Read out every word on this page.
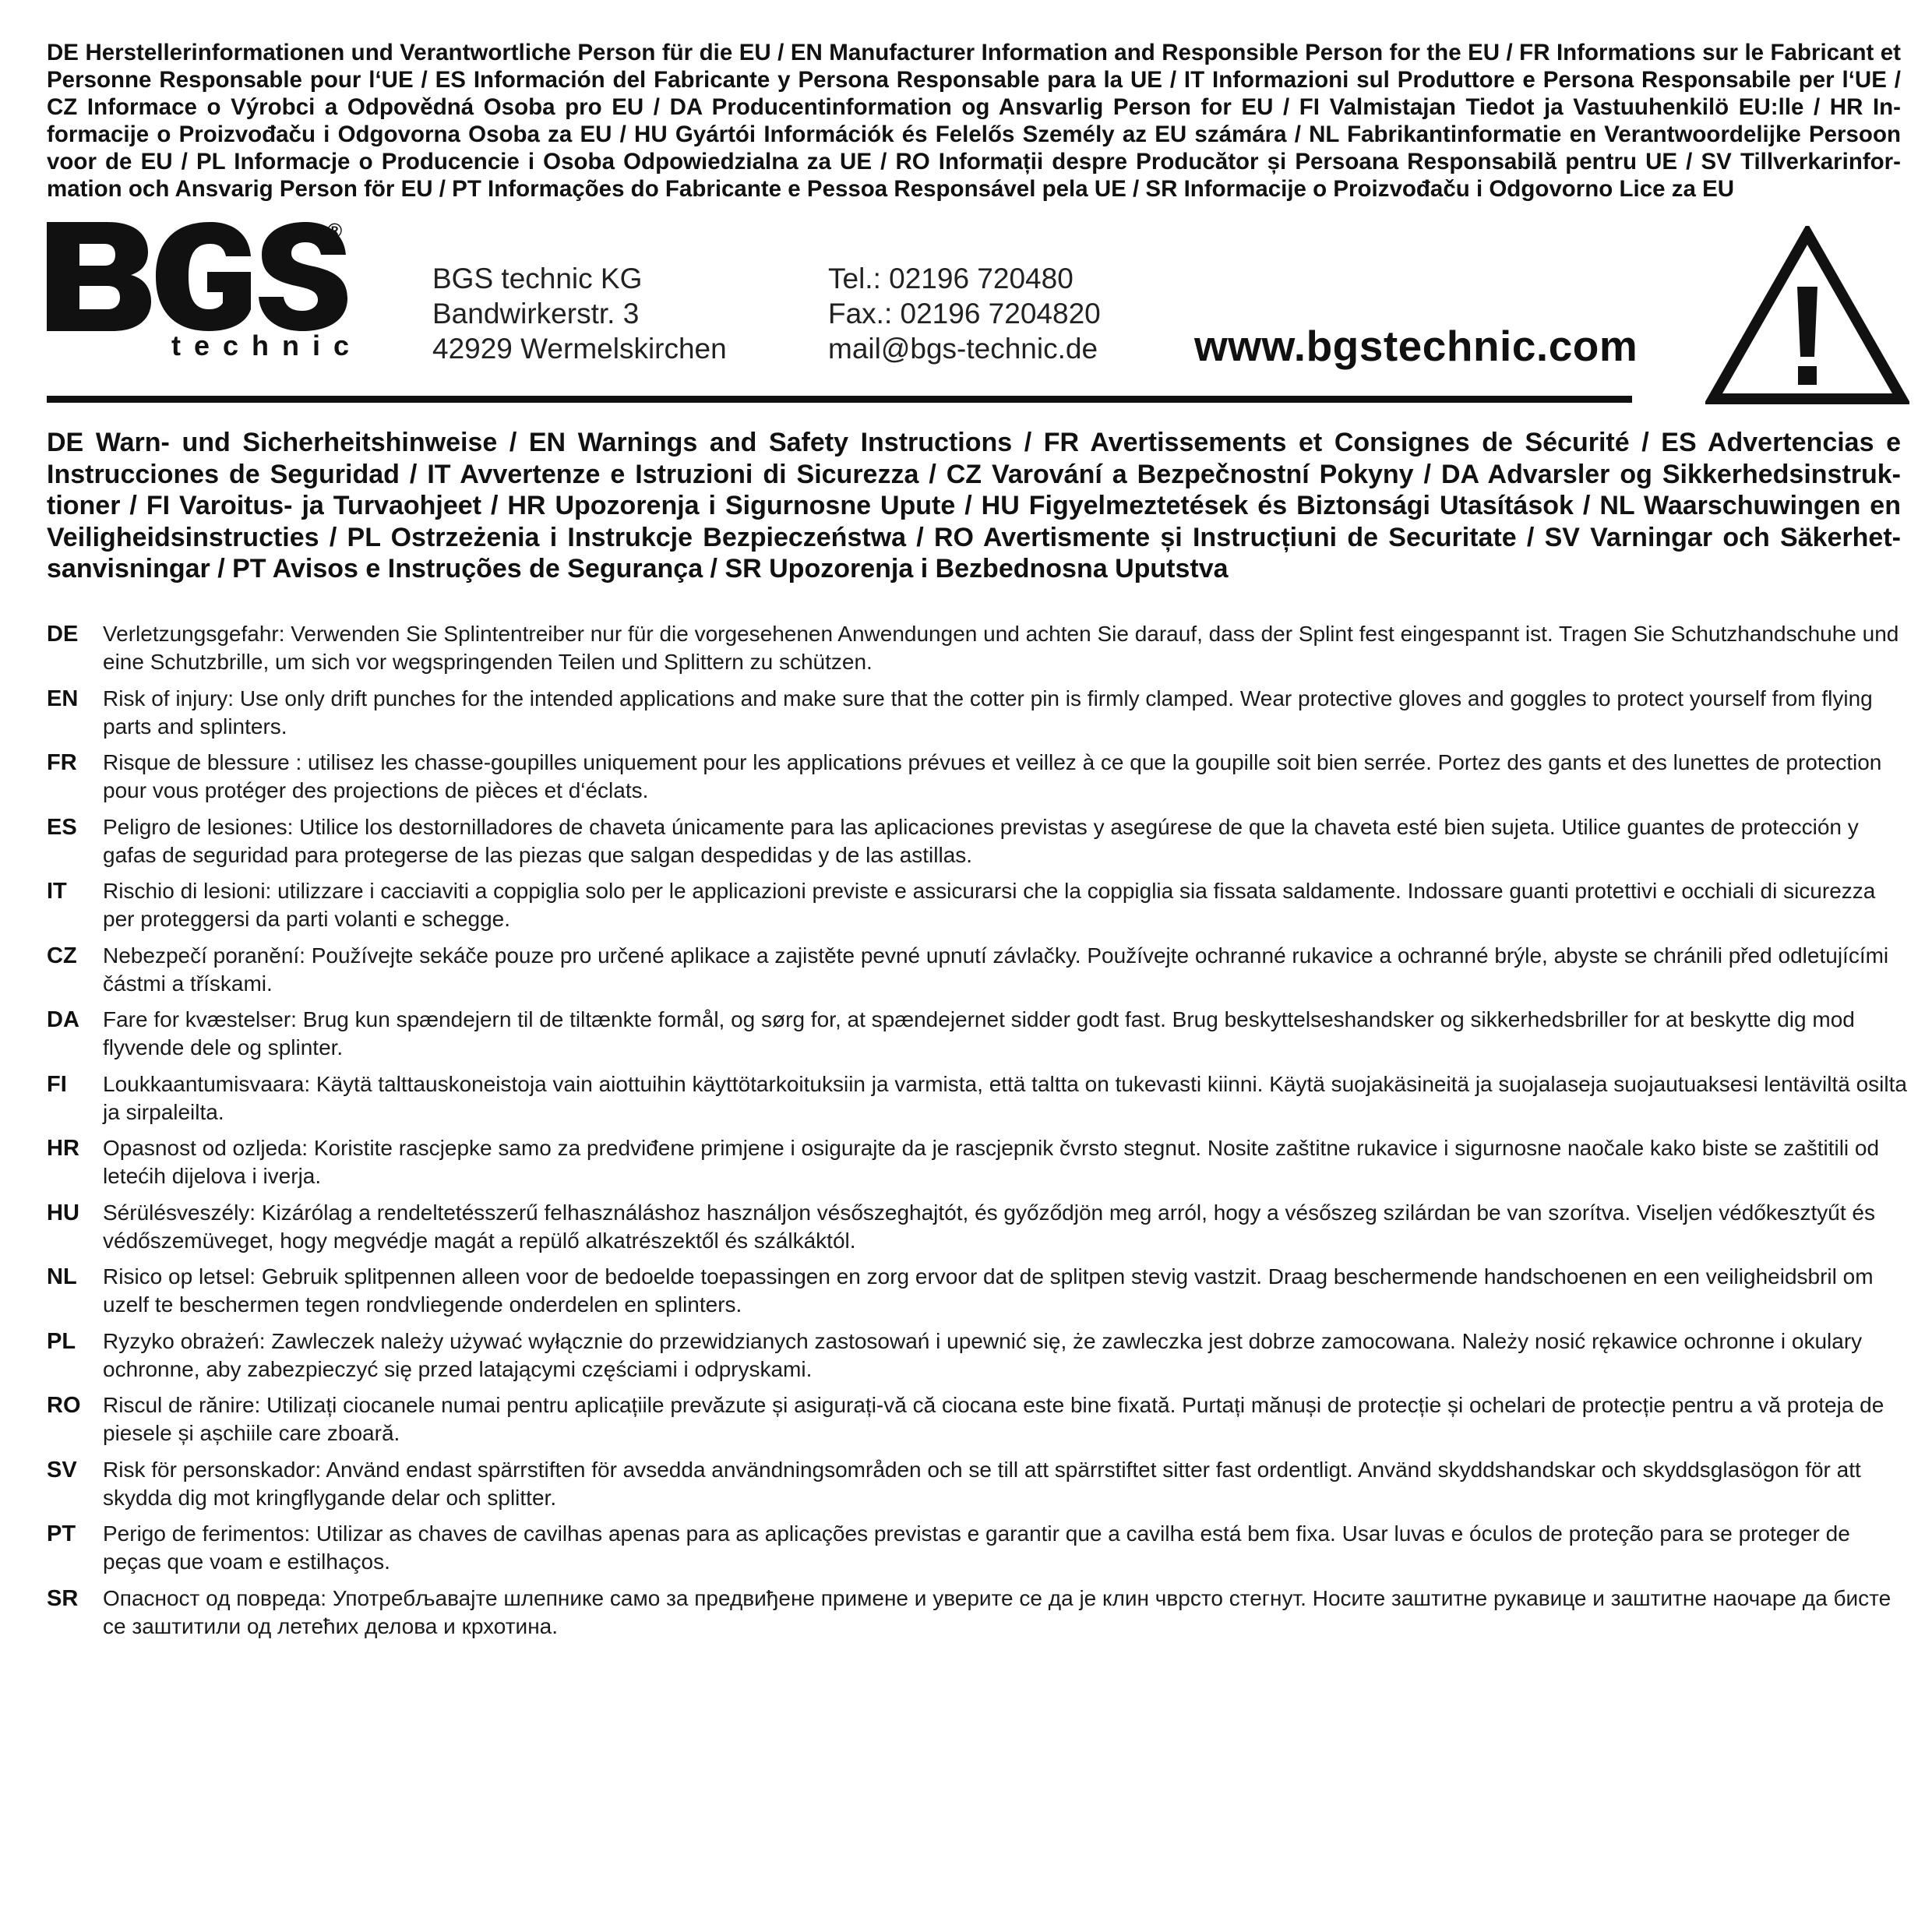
DE Herstellerinformationen und Verantwortliche Person für die EU / EN Manufacturer Information and Responsible Person for the EU / FR Informations sur le Fabricant et Personne Responsable pour l‘UE / ES Información del Fabricante y Persona Responsable para la UE / IT Informazioni sul Produttore e Persona Responsabile per l‘UE / CZ Informace o Výrobci a Odpovědná Osoba pro EU / DA Producentinformation og Ansvarlig Person for EU / FI Valmistajan Tiedot ja Vastuuhenkilö EU:lle / HR Informacije o Proizvođaču i Odgovorna Osoba za EU / HU Gyártói Információk és Felelős Személy az EU számára / NL Fabrikantinformatie en Verantwoordelijke Persoon voor de EU / PL Informacje o Producencie i Osoba Odpowiedzialna za UE / RO Informații despre Producător și Persoana Responsabilă pentru UE / SV Tillverkarinformation och Ansvarig Person för EU / PT Informações do Fabricante e Pessoa Responsável pela UE / SR Informacije o Proizvođaču i Odgovorno Lice za EU
®
technic
BGS technic KG
Bandwirkerstr. 3
42929 Wermelskirchen
Tel.: 02196 720480
Fax.: 02196 7204820
mail@bgs-technic.de www.bgstechnic.com
DE Warn- und Sicherheitshinweise / EN Warnings and Safety Instructions / FR Avertissements et Consignes de Sécurité / ES Advertencias e Instrucciones de Seguridad / IT Avvertenze e Istruzioni di Sicurezza / CZ Varování a Bezpečnostní Pokyny / DA Advarsler og Sikkerhedsinstruktioner / FI Varoitus- ja Turvaohjeet / HR Upozorenja i Sigurnosne Upute / HU Figyelmeztetések és Biztonsági Utasítások / NL Waarschuwingen en Veiligheidsinstructies / PL Ostrzeżenia i Instrukcje Bezpieczeństwa / RO Avertismente și Instrucțiuni de Securitate / SV Varningar och Säkerhetsanvisningar / PT Avisos e Instruções de Segurança / SR Upozorenja i Bezbednosna Uputstva
DE	Verletzungsgefahr: Verwenden Sie Splintentreiber nur für die vorgesehenen Anwendungen und achten Sie darauf, dass der Splint fest eingespannt ist. Tragen Sie Schutzhandschuhe und eine Schutzbrille, um sich vor wegspringenden Teilen und Splittern zu schützen.
EN	Risk of injury: Use only drift punches for the intended applications and make sure that the cotter pin is firmly clamped. Wear protective gloves and goggles to protect yourself from flying parts and splinters.
FR	Risque de blessure : utilisez les chasse-goupilles uniquement pour les applications prévues et veillez à ce que la goupille soit bien serrée. Portez des gants et des lunettes de protection pour vous protéger des projections de pièces et d‘éclats.
ES	Peligro de lesiones: Utilice los destornilladores de chaveta únicamente para las aplicaciones previstas y asegúrese de que la chaveta esté bien sujeta. Utilice guantes de protección y gafas de seguridad para protegerse de las piezas que salgan despedidas y de las astillas.
IT	Rischio di lesioni: utilizzare i cacciaviti a coppiglia solo per le applicazioni previste e assicurarsi che la coppiglia sia fissata saldamente. Indossare guanti protettivi e occhiali di sicurezza per proteggersi da parti volanti e schegge.
CZ	Nebezpečí poranění: Používejte sekáče pouze pro určené aplikace a zajistěte pevné upnutí závlačky. Používejte ochranné rukavice a ochranné brýle, abyste se chránili před odletujícími částmi a třískami.
DA	Fare for kvæstelser: Brug kun spændejern til de tiltænkte formål, og sørg for, at spændejernet sidder godt fast. Brug beskyttelseshandsker og sikkerhedsbriller for at beskytte dig mod flyvende dele og splinter.
FI	Loukkaantumisvaara: Käytä talttauskoneistoja vain aiottuihin käyttötarkoituksiin ja varmista, että taltta on tukevasti kiinni. Käytä suojakäsineitä ja suojalaseja suojautuaksesi lentäviltä osilta ja sirpaleilta.
HR	Opasnost od ozljeda: Koristite rascjepke samo za predviđene primjene i osigurajte da je rascjepnik čvrsto stegnut. Nosite zaštitne rukavice i sigurnosne naočale kako biste se zaštitili od letećih dijelova i iverja.
HU	Sérülésveszély: Kizárólag a rendeltetésszerű felhasználáshoz használjon vésőszeghajtót, és győződjön meg arról, hogy a vésőszeg szilárdan be van szorítva. Viseljen védőkesztyűt és védőszemüveget, hogy megvédje magát a repülő alkatrészektől és szálkáktól.
NL	Risico op letsel: Gebruik splitpennen alleen voor de bedoelde toepassingen en zorg ervoor dat de splitpen stevig vastzit. Draag beschermende handschoenen en een veiligheidsbril om uzelf te beschermen tegen rondvliegende onderdelen en splinters.
PL	Ryzyko obrażeń: Zawleczek należy używać wyłącznie do przewidzianych zastosowań i upewnić się, że zawleczka jest dobrze zamocowana. Należy nosić rękawice ochronne i okulary ochronne, aby zabezpieczyć się przed latającymi częściami i odpryskami.
RO	Riscul de rănire: Utilizați ciocanele numai pentru aplicațiile prevăzute și asigurați-vă că ciocana este bine fixată. Purtați mănuși de protecție și ochelari de protecție pentru a vă proteja de piesele și așchiile care zboară.
SV	Risk för personskador: Använd endast spärrstiften för avsedda användningsområden och se till att spärrstiftet sitter fast ordentligt. Använd skyddshandskar och skyddsglasögon för att skydda dig mot kringflygande delar och splitter.
PT	Perigo de ferimentos: Utilizar as chaves de cavilhas apenas para as aplicações previstas e garantir que a cavilha está bem fixa. Usar luvas e óculos de proteção para se proteger de peças que voam e estilhaços.
SR	Опасност од повреда: Употребљавајте шлепнике само за предвиђене примене и уверите се да је клин чврсто стегнут. Носите заштитне рукавице и заштитне наочаре да бисте се заштитили од летећих делова и крхотина.
